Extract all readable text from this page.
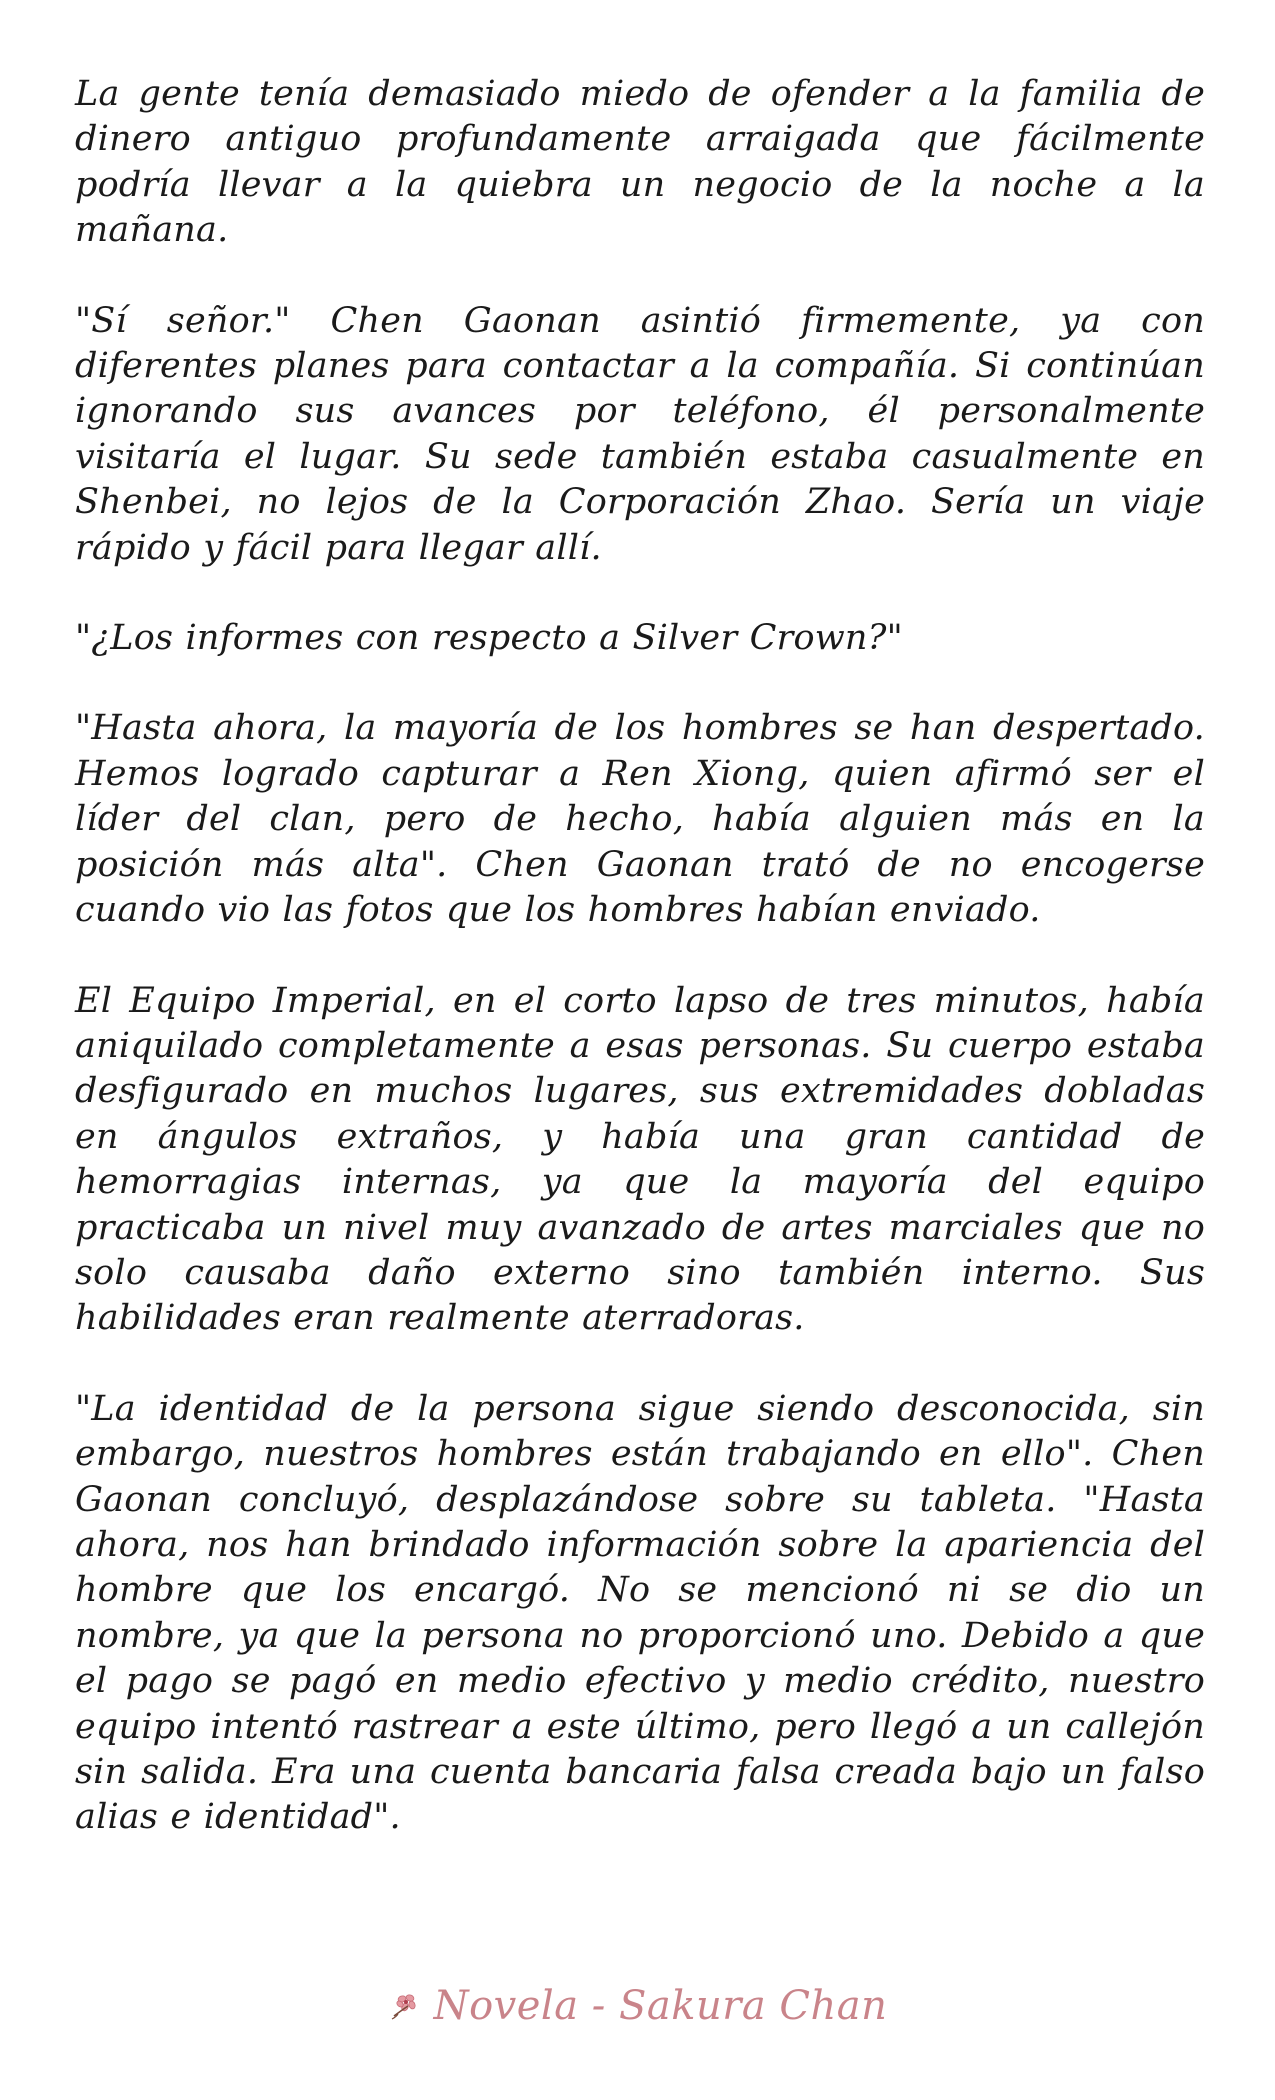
La gente tenía demasiado miedo de ofender a la familia de dinero antiguo profundamente arraigada que fácilmente podría llevar a la quiebra un negocio de la noche a la mañana.

"Sí señor." Chen Gaonan asintió firmemente, ya con diferentes planes para contactar a la compañía. Si continúan ignorando sus avances por teléfono, él personalmente visitaría el lugar. Su sede también estaba casualmente en Shenbei, no lejos de la Corporación Zhao. Sería un viaje rápido y fácil para llegar allí.

"¿Los informes con respecto a Silver Crown?"

"Hasta ahora, la mayoría de los hombres se han despertado. Hemos logrado capturar a Ren Xiong, quien afirmó ser el líder del clan, pero de hecho, había alguien más en la posición más alta". Chen Gaonan trató de no encogerse cuando vio las fotos que los hombres habían enviado.

El Equipo Imperial, en el corto lapso de tres minutos, había aniquilado completamente a esas personas. Su cuerpo estaba desfigurado en muchos lugares, sus extremidades dobladas en ángulos extraños, y había una gran cantidad de hemorragias internas, ya que la mayoría del equipo practicaba un nivel muy avanzado de artes marciales que no solo causaba daño externo sino también interno. Sus habilidades eran realmente aterradoras.

"La identidad de la persona sigue siendo desconocida, sin embargo, nuestros hombres están trabajando en ello". Chen Gaonan concluyó, desplazándose sobre su tableta. "Hasta ahora, nos han brindado información sobre la apariencia del hombre que los encargó. No se mencionó ni se dio un nombre, ya que la persona no proporcionó uno. Debido a que el pago se pagó en medio efectivo y medio crédito, nuestro equipo intentó rastrear a este último, pero llegó a un callejón sin salida. Era una cuenta bancaria falsa creada bajo un falso alias e identidad".

Novela - Sakura Chan
